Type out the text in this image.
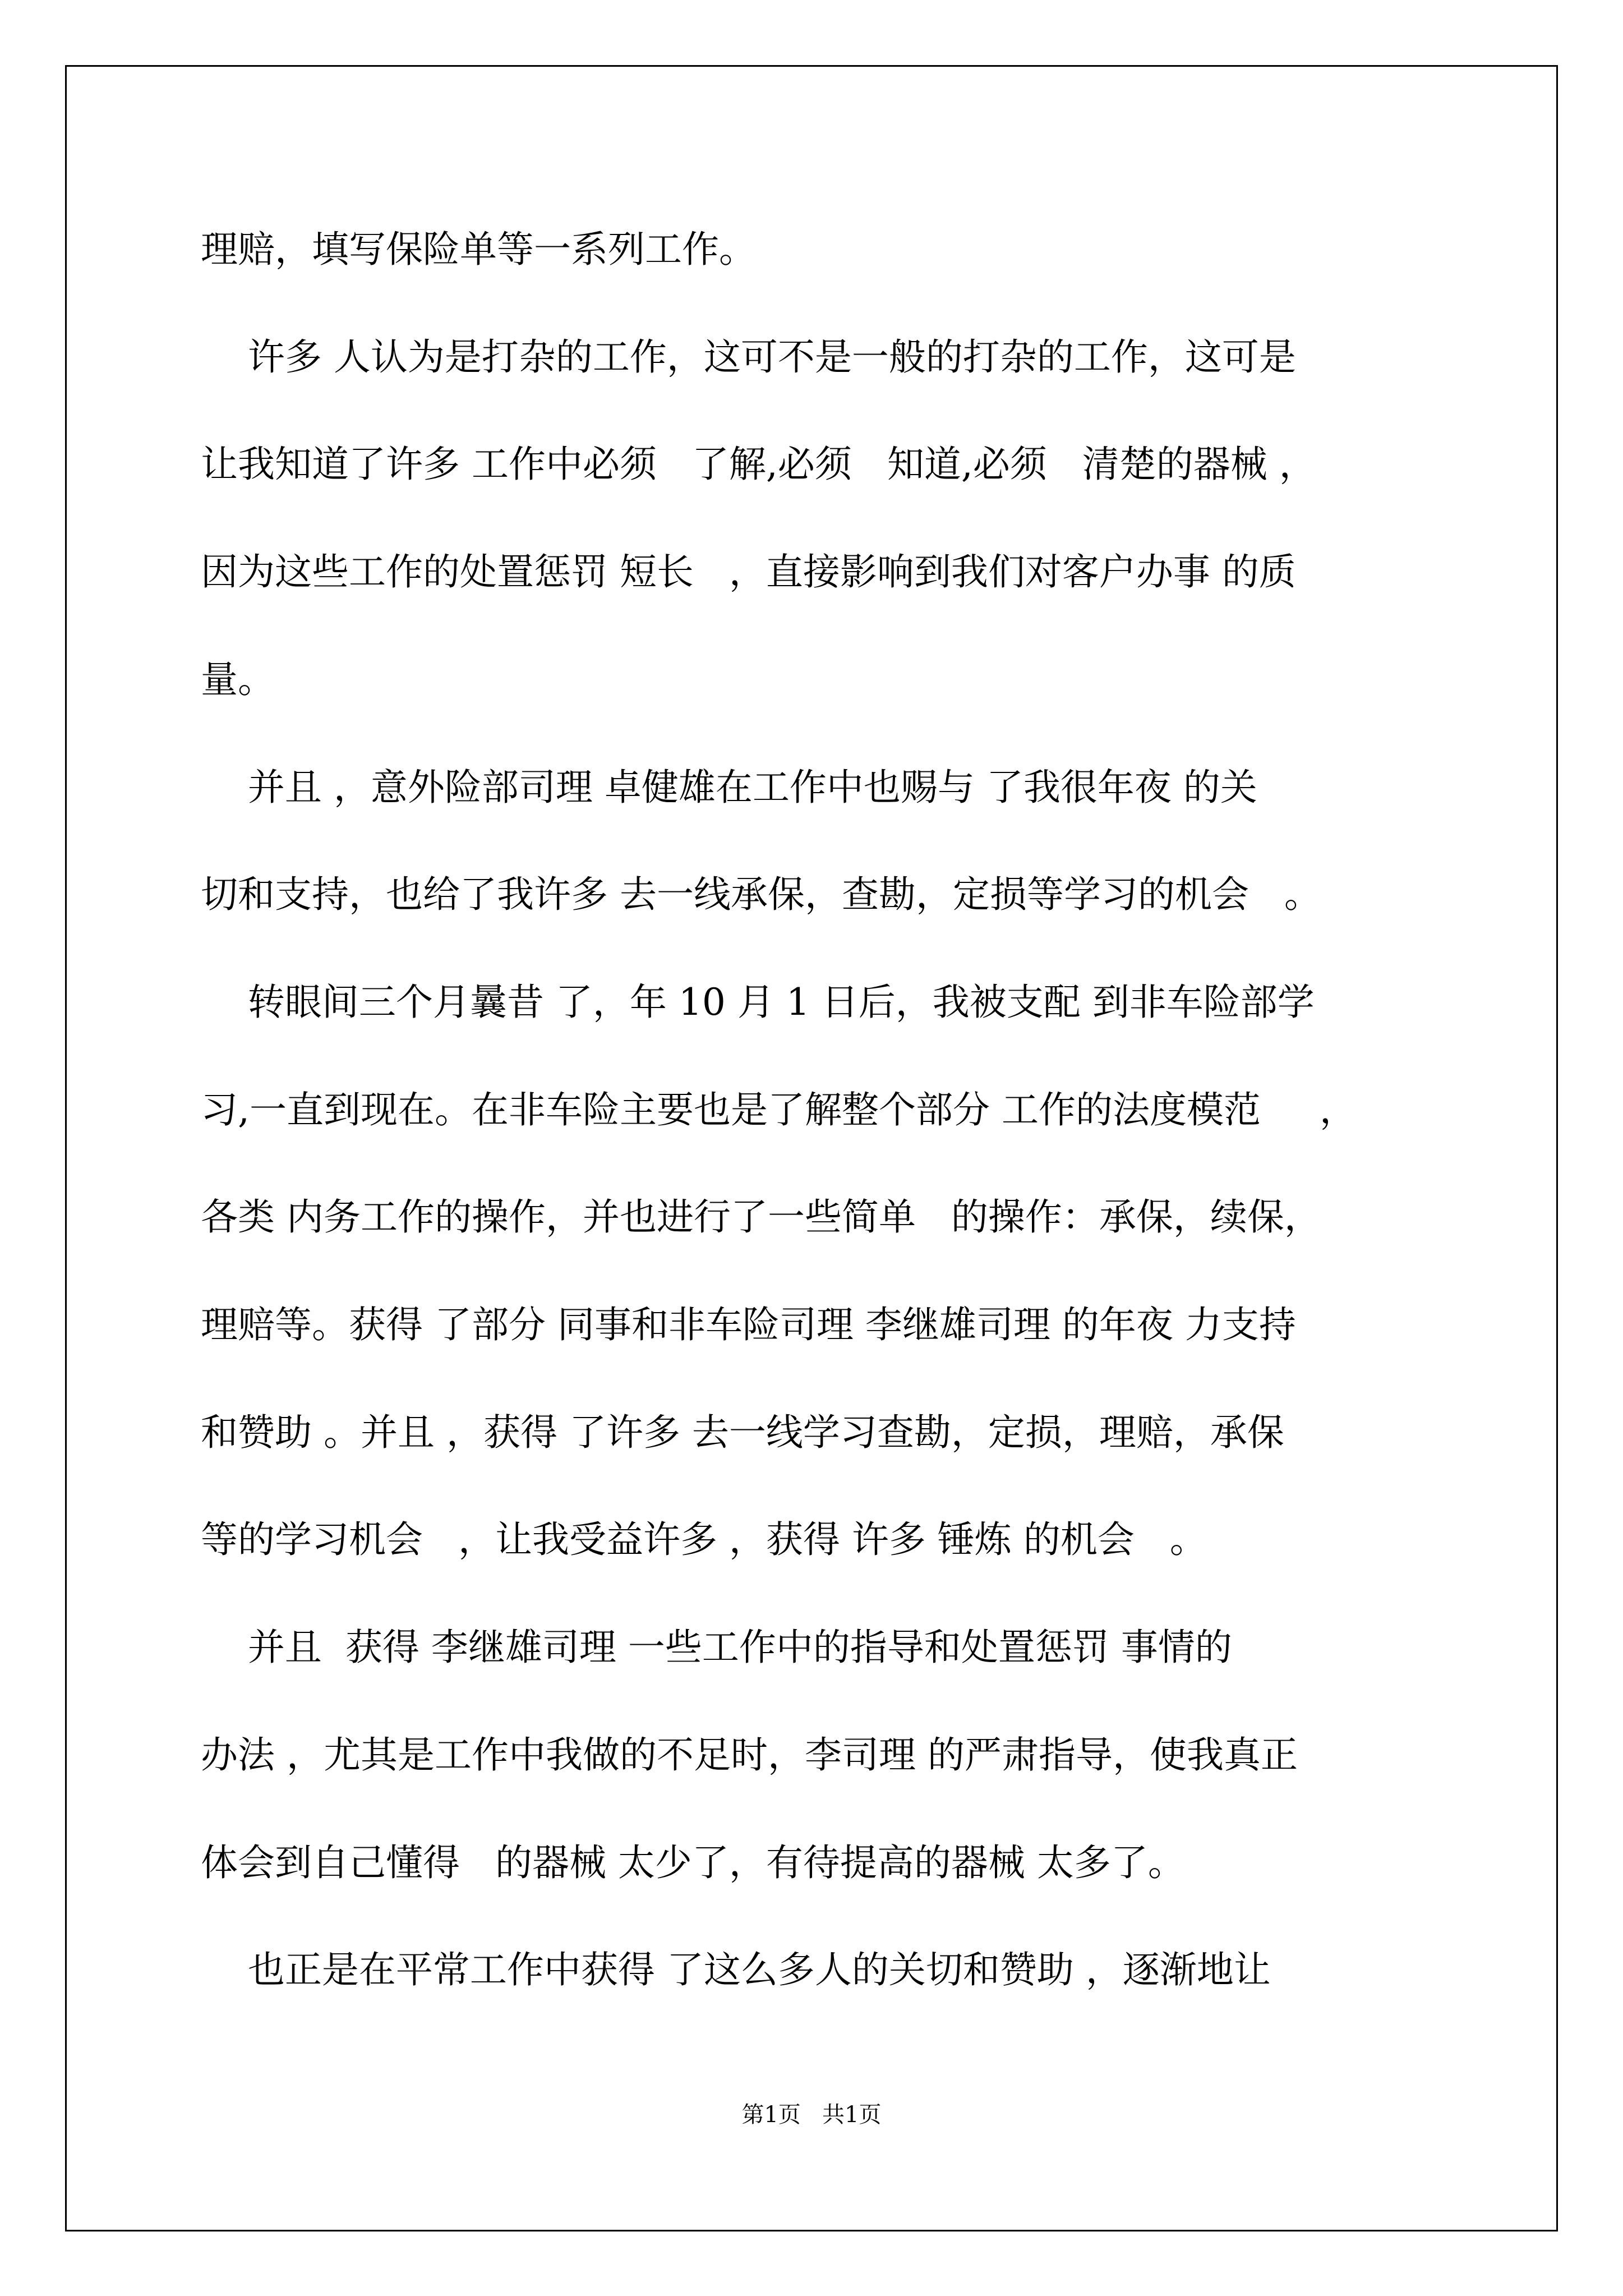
理赔，填写保险单等一系列工作。
许多 人认为是打杂的工作，这可不是一般的打杂的工作，这可是
让我知道了许多 工作中必须   了解,必须   知道,必须   清楚的器械 ，
因为这些工作的处置惩罚 短长   ，直接影响到我们对客户办事 的质
量。
并且 ，意外险部司理 卓健雄在工作中也赐与 了我很年夜 的关
切和支持，也给了我许多 去一线承保，查勘，定损等学习的机会   。
转眼间三个月曩昔 了，年 10 月 1 日后，我被支配 到非车险部学
习,一直到现在。在非车险主要也是了解整个部分 工作的法度模范     ，
各类 内务工作的操作，并也进行了一些简单   的操作：承保，续保，
理赔等。获得 了部分 同事和非车险司理 李继雄司理 的年夜 力支持
和赞助 。并且 ，获得 了许多 去一线学习查勘，定损，理赔，承保
等的学习机会   ，让我受益许多 ，获得 许多 锤炼 的机会   。
并且  获得 李继雄司理 一些工作中的指导和处置惩罚 事情的
办法 ，尤其是工作中我做的不足时，李司理 的严肃指导，使我真正
体会到自己懂得   的器械 太少了，有待提高的器械 太多了。
也正是在平常工作中获得 了这么多人的关切和赞助 ，逐渐地让
第1页   共1页
